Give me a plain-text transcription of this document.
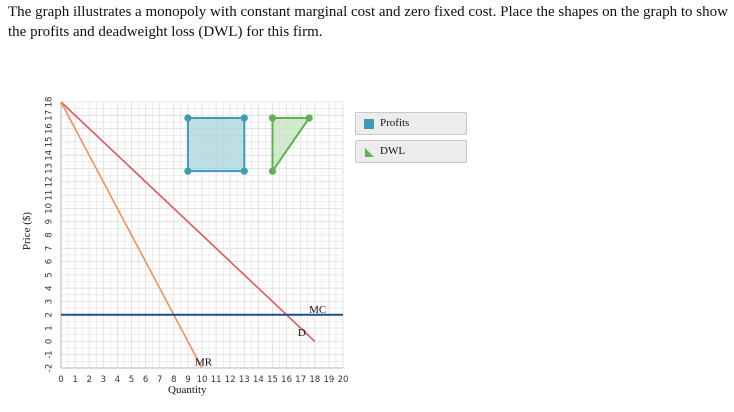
The graph illustrates a monopoly with constant marginal cost and zero fixed cost. Place the shapes on the graph to show the profits and deadweight loss (DWL) for this firm.
18
17
16
15
14
13
12
11
10
9
8
7
6
5
4
3
2
1
0
-1
-2
0 1 2 3 4 5 6 7 8 9 10 11 12 13 14 15 16 17 18 19 20
D
MR
MC
Price ($)
Quantity
Profits
DWL
